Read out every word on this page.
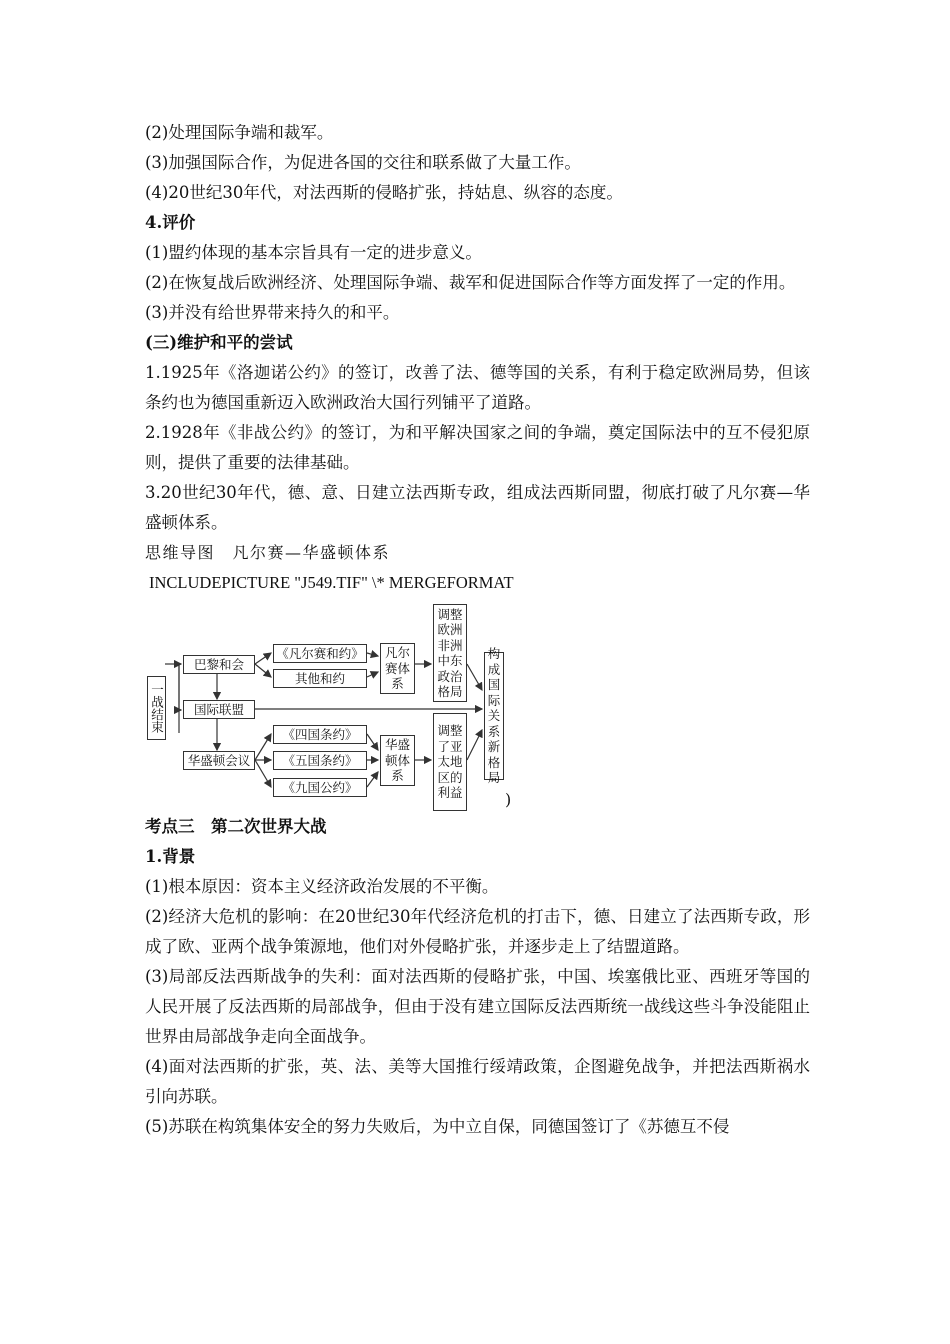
(2)处理国际争端和裁军。
(3)加强国际合作，为促进各国的交往和联系做了大量工作。
(4)20世纪30年代，对法西斯的侵略扩张，持姑息、纵容的态度。
4.评价
(1)盟约体现的基本宗旨具有一定的进步意义。
(2)在恢复战后欧洲经济、处理国际争端、裁军和促进国际合作等方面发挥了一定的作用。
(3)并没有给世界带来持久的和平。
(三)维护和平的尝试
1.1925年《洛迦诺公约》的签订，改善了法、德等国的关系，有利于稳定欧洲局势，但该条约也为德国重新迈入欧洲政治大国行列铺平了道路。
2.1928年《非战公约》的签订，为和平解决国家之间的争端，奠定国际法中的互不侵犯原则，提供了重要的法律基础。
3.20世纪30年代，德、意、日建立法西斯专政，组成法西斯同盟，彻底打破了凡尔赛—华盛顿体系。
思维导图　凡尔赛—华盛顿体系
INCLUDEPICTURE "J549.TIF" \* MERGEFORMAT
一战结束
巴黎和会
国际联盟
华盛顿会议
《凡尔赛和约》
其他和约
《四国条约》
《五国条约》
《九国公约》
凡尔赛体系
华盛顿体系
调整欧洲非洲中东政治格局
调整了亚太地区的利益
构成国际关系新格局
)
考点三　第二次世界大战
1.背景
(1)根本原因：资本主义经济政治发展的不平衡。
(2)经济大危机的影响：在20世纪30年代经济危机的打击下，德、日建立了法西斯专政，形成了欧、亚两个战争策源地，他们对外侵略扩张，并逐步走上了结盟道路。
(3)局部反法西斯战争的失利：面对法西斯的侵略扩张，中国、埃塞俄比亚、西班牙等国的人民开展了反法西斯的局部战争，但由于没有建立国际反法西斯统一战线这些斗争没能阻止世界由局部战争走向全面战争。
(4)面对法西斯的扩张，英、法、美等大国推行绥靖政策，企图避免战争，并把法西斯祸水引向苏联。
(5)苏联在构筑集体安全的努力失败后，为中立自保，同德国签订了《苏德互不侵
